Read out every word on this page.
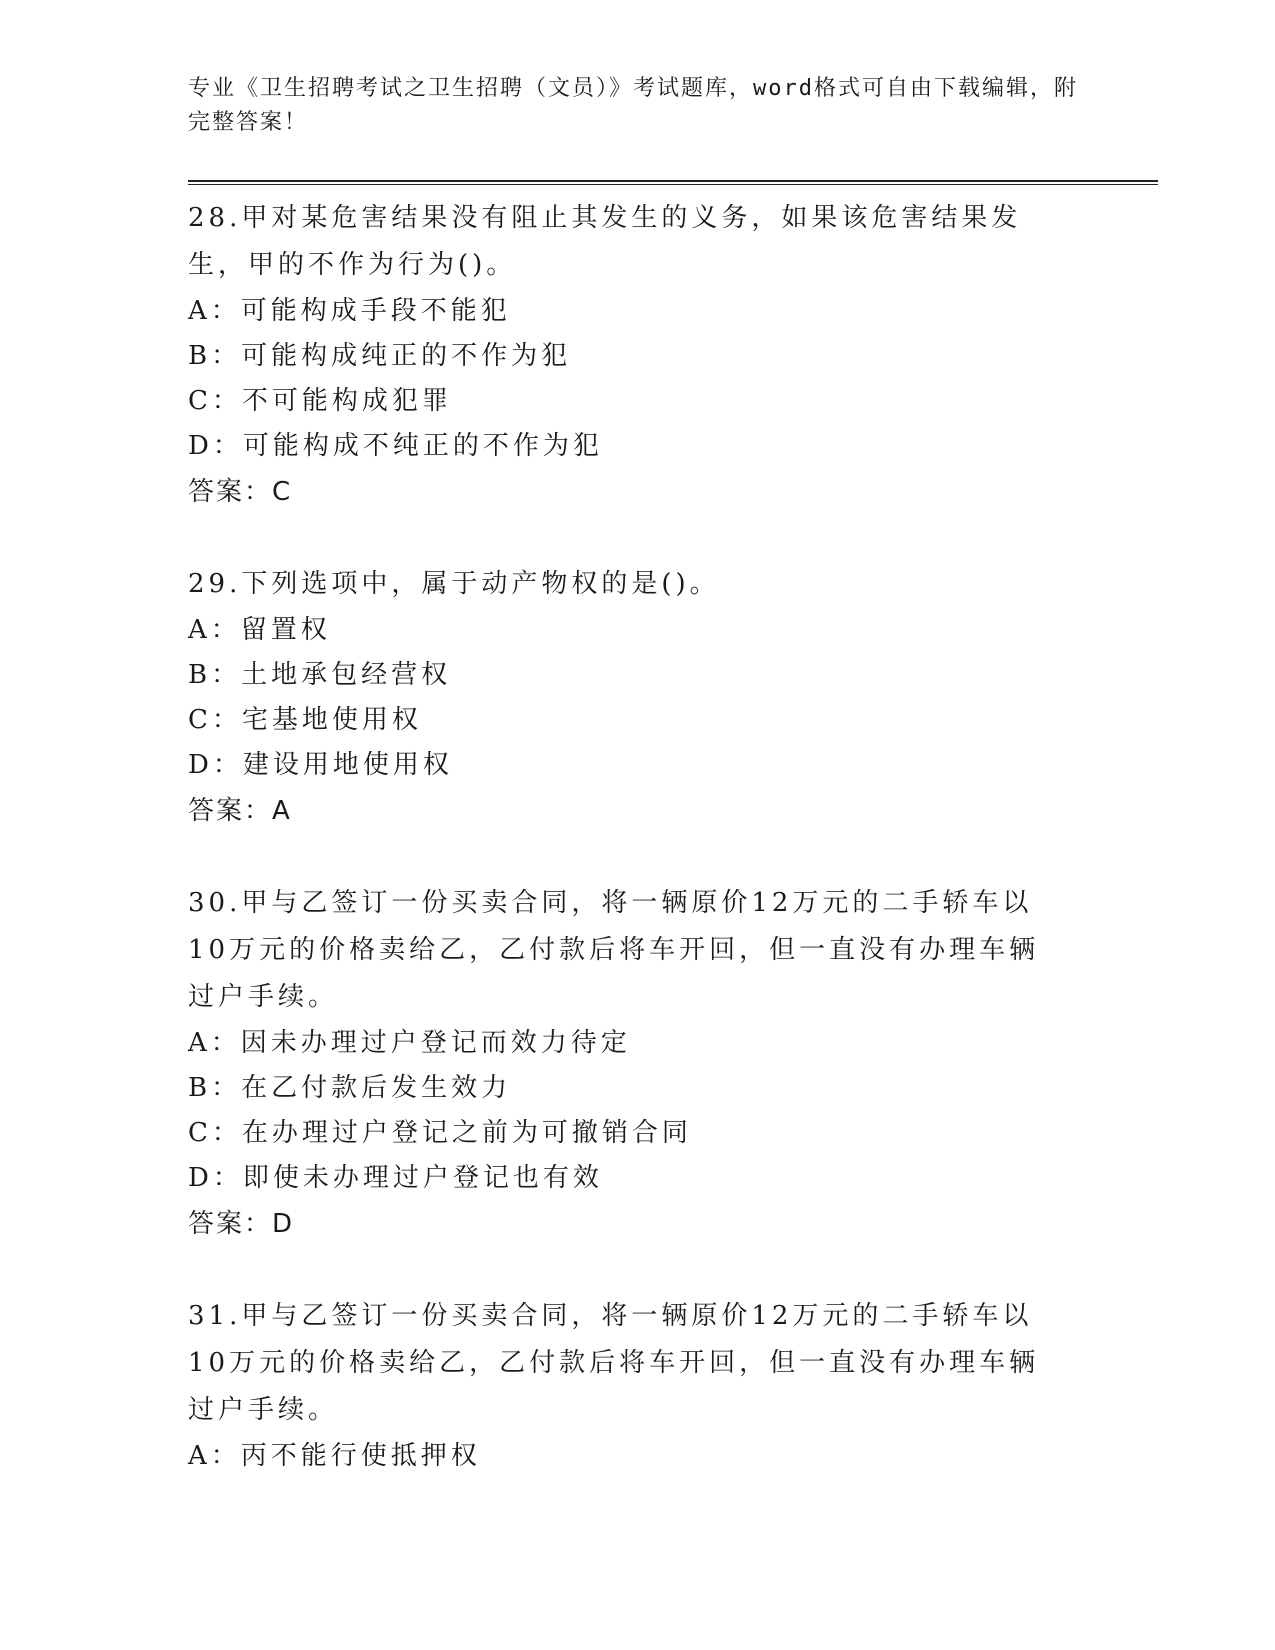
专业《卫生招聘考试之卫生招聘（文员）》考试题库，word格式可自由下载编辑，附完整答案！

28.甲对某危害结果没有阻止其发生的义务，如果该危害结果发生，甲的不作为行为()。

A：可能构成手段不能犯

B：可能构成纯正的不作为犯

C：不可能构成犯罪

D：可能构成不纯正的不作为犯

答案：C

29.下列选项中，属于动产物权的是()。

A：留置权

B：土地承包经营权

C：宅基地使用权

D：建设用地使用权

答案：A

30.甲与乙签订一份买卖合同，将一辆原价12万元的二手轿车以10万元的价格卖给乙，乙付款后将车开回，但一直没有办理车辆过户手续。

A：因未办理过户登记而效力待定

B：在乙付款后发生效力

C：在办理过户登记之前为可撤销合同

D：即使未办理过户登记也有效

答案：D

31.甲与乙签订一份买卖合同，将一辆原价12万元的二手轿车以10万元的价格卖给乙，乙付款后将车开回，但一直没有办理车辆过户手续。

A：丙不能行使抵押权
